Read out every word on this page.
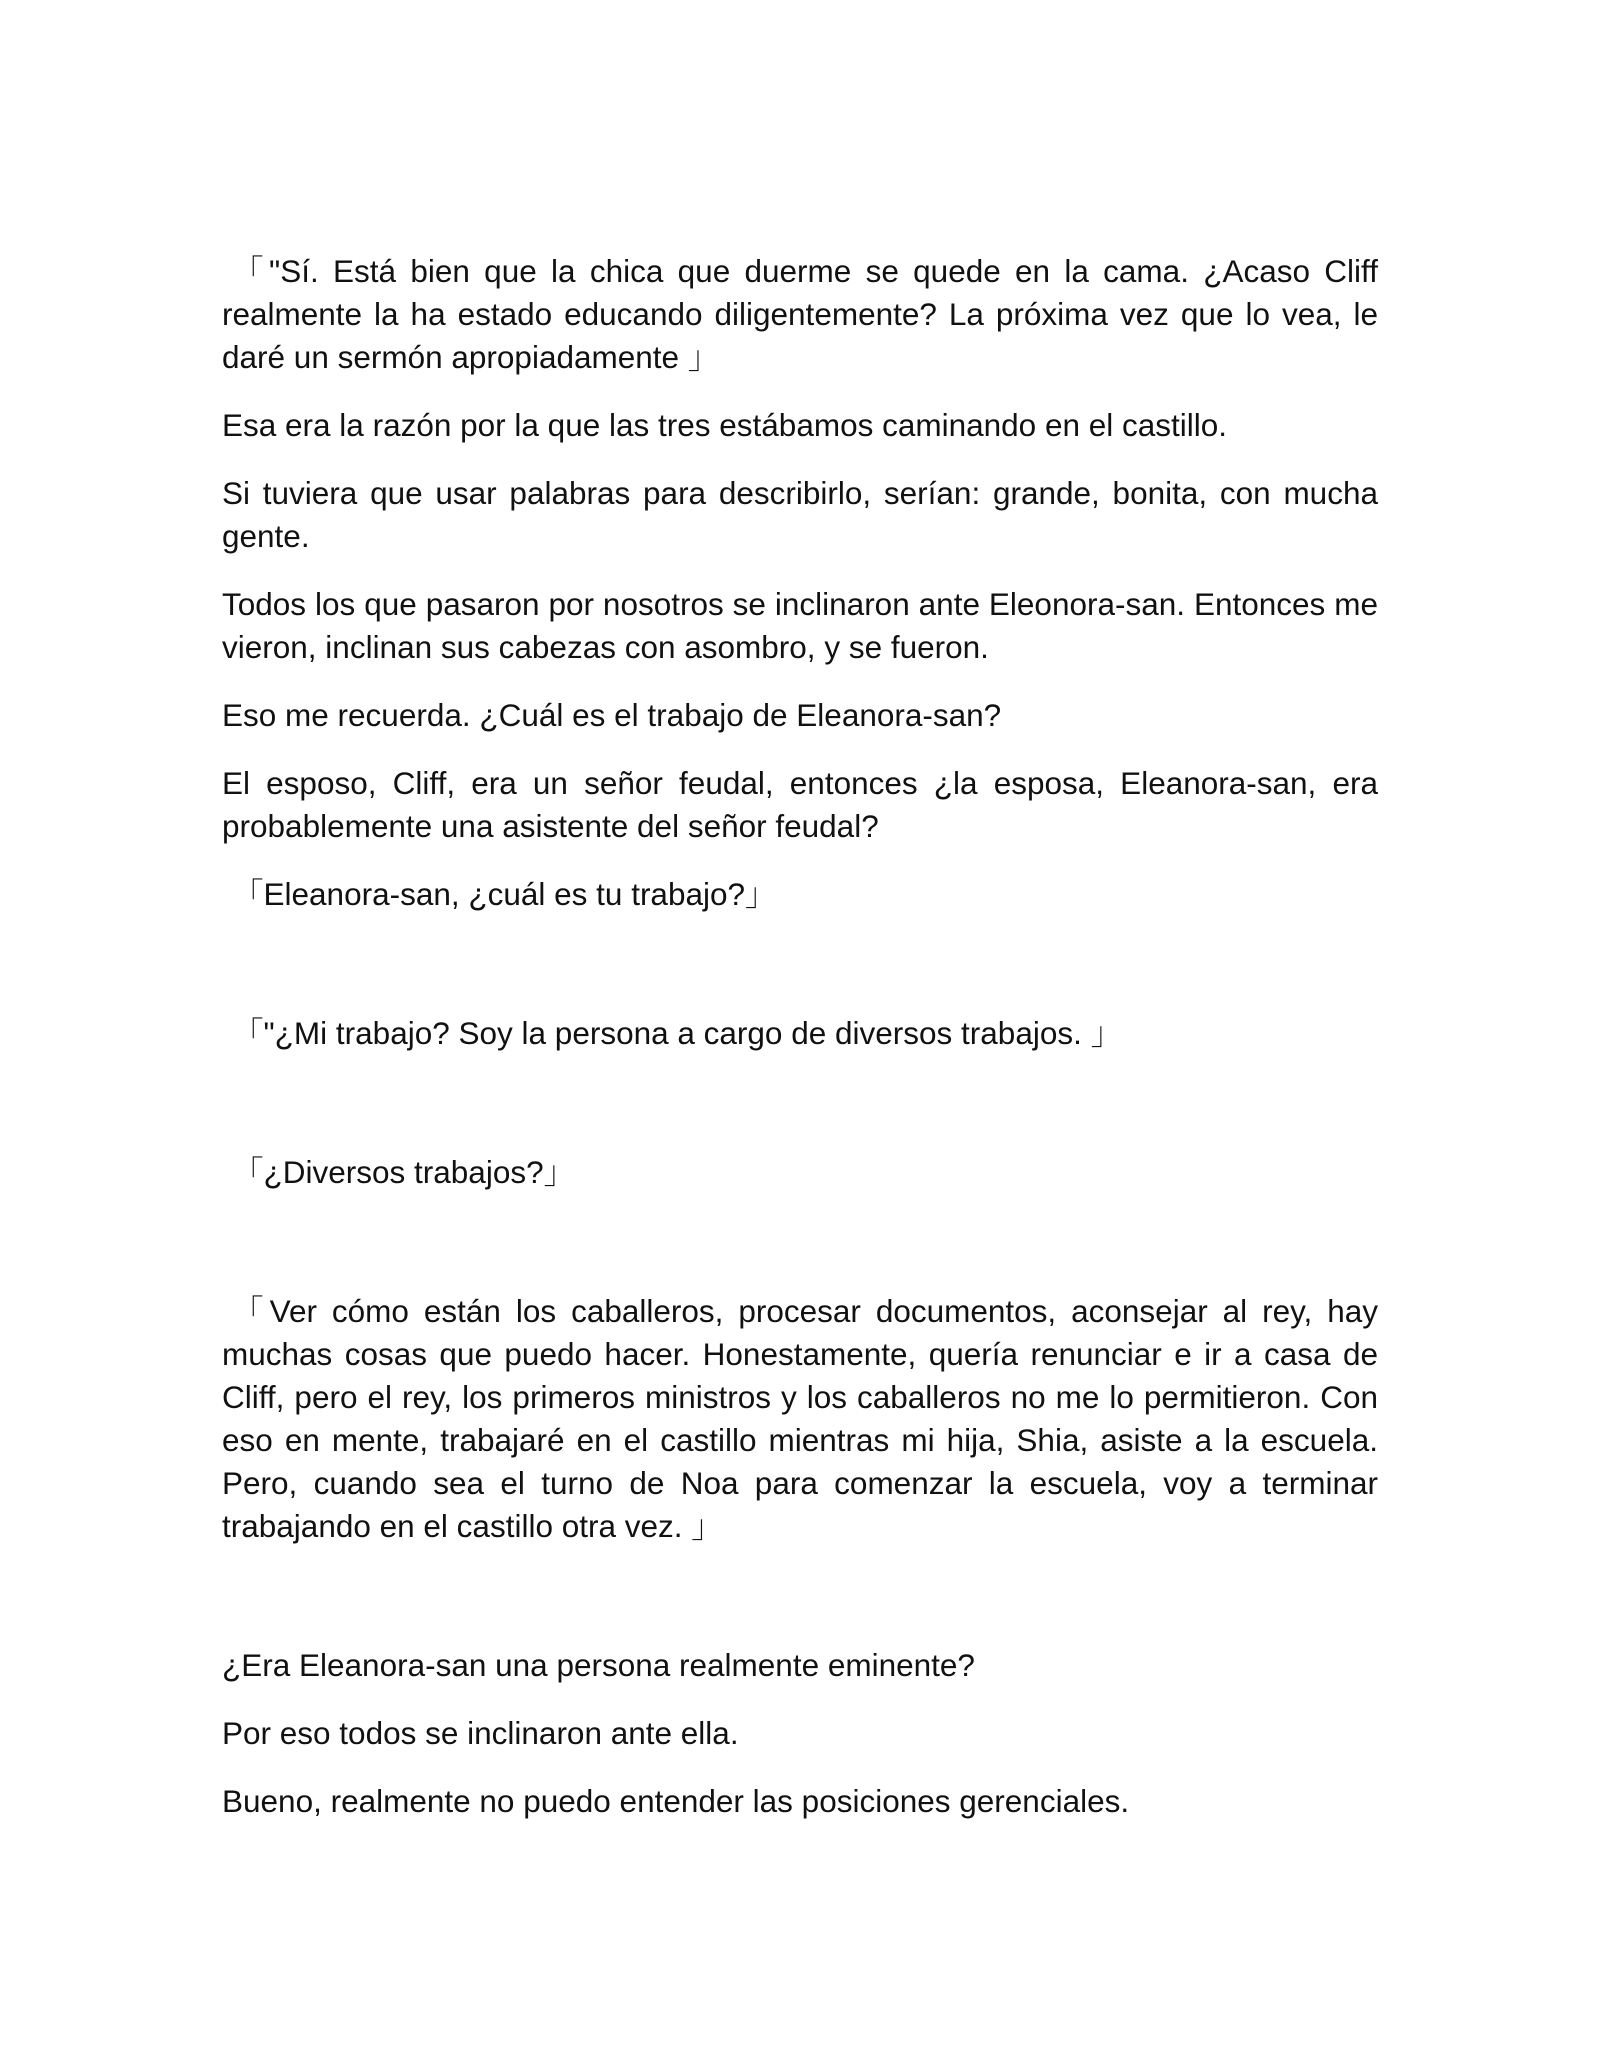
「"Sí. Está bien que la chica que duerme se quede en la cama. ¿Acaso Cliff realmente la ha estado educando diligentemente? La próxima vez que lo vea, le daré un sermón apropiadamente 」

Esa era la razón por la que las tres estábamos caminando en el castillo.

Si tuviera que usar palabras para describirlo, serían: grande, bonita, con mucha gente.

Todos los que pasaron por nosotros se inclinaron ante Eleonora-san. Entonces me vieron, inclinan sus cabezas con asombro, y se fueron.

Eso me recuerda. ¿Cuál es el trabajo de Eleanora-san?

El esposo, Cliff, era un señor feudal, entonces ¿la esposa, Eleanora-san, era probablemente una asistente del señor feudal?

「Eleanora-san, ¿cuál es tu trabajo?」

「"¿Mi trabajo? Soy la persona a cargo de diversos trabajos. 」

「¿Diversos trabajos?」

「Ver cómo están los caballeros, procesar documentos, aconsejar al rey, hay muchas cosas que puedo hacer. Honestamente, quería renunciar e ir a casa de Cliff, pero el rey, los primeros ministros y los caballeros no me lo permitieron. Con eso en mente, trabajaré en el castillo mientras mi hija, Shia, asiste a la escuela. Pero, cuando sea el turno de Noa para comenzar la escuela, voy a terminar trabajando en el castillo otra vez. 」

¿Era Eleanora-san una persona realmente eminente?

Por eso todos se inclinaron ante ella.

Bueno, realmente no puedo entender las posiciones gerenciales.
